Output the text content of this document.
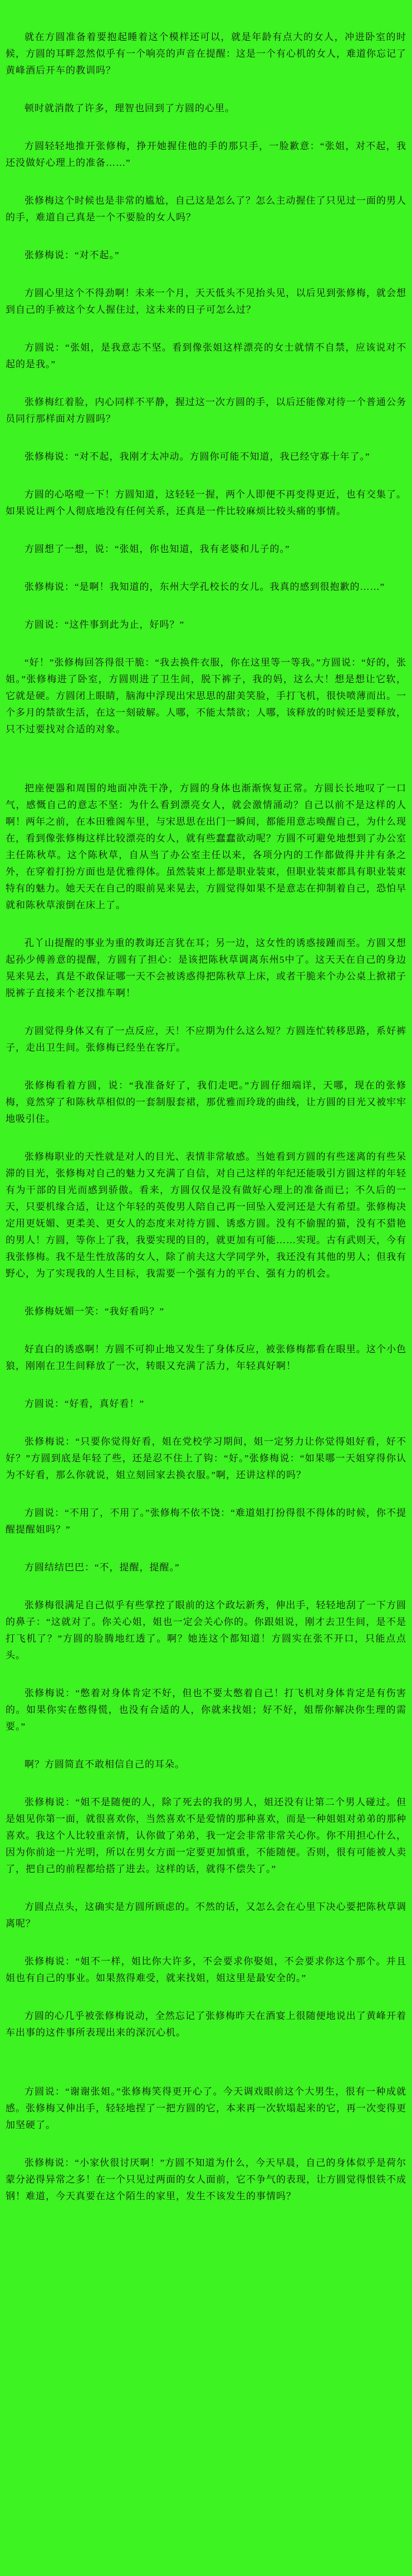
就在方圆准备着要抱起睡着这个模样还可以，就是年龄有点大的女人，冲进卧室的时候，方圆的耳畔忽然似乎有一个响亮的声音在提醒：这是一个有心机的女人，难道你忘记了黄峰酒后开车的教训吗？

顿时就消散了许多，理智也回到了方圆的心里。

方圆轻轻地推开张修梅，挣开她握住他的手的那只手，一脸歉意：“张姐，对不起，我还没做好心理上的准备……”

张修梅这个时候也是非常的尴尬，自己这是怎么了？怎么主动握住了只见过一面的男人的手，难道自己真是一个不要脸的女人吗？

张修梅说：“对不起。”

方圆心里这个不得劲啊！未来一个月，天天低头不见抬头见，以后见到张修梅，就会想到自己的手被这个女人握住过，这未来的日子可怎么过？

方圆说：“张姐，是我意志不坚。看到像张姐这样漂亮的女士就情不自禁，应该说对不起的是我。”

张修梅红着脸，内心同样不平静，握过这一次方圆的手，以后还能像对待一个普通公务员同行那样面对方圆吗？

张修梅说：“对不起，我刚才太冲动。方圆你可能不知道，我已经守寡十年了。”

方圆的心咯噔一下！方圆知道，这轻轻一握，两个人即便不再变得更近，也有交集了。如果说让两个人彻底地没有任何关系，还真是一件比较麻烦比较头痛的事情。

方圆想了一想，说：“张姐，你也知道，我有老婆和儿子的。”

张修梅说：“是啊！我知道的，东州大学孔校长的女儿。我真的感到很抱歉的……”

方圆说：“这件事到此为止，好吗？”

“好！”张修梅回答得很干脆：“我去换件衣服，你在这里等一等我。”方圆说：“好的，张姐。”张修梅进了卧室，方圆则进了卫生间，脱下裤子，我的妈，这么大！想是想让它软，它就是硬。方圆闭上眼睛，脑海中浮现出宋思思的甜美笑脸，手打飞机，很快喷薄而出。一个多月的禁欲生活，在这一刻破解。人哪，不能太禁欲；人哪，该释放的时候还是要释放，只不过要找对合适的对象。

把座便器和周围的地面冲洗干净，方圆的身体也渐渐恢复正常。方圆长长地叹了一口气，感慨自己的意志不坚：为什么看到漂亮女人，就会激情涌动？自己以前不是这样的人啊！两年之前，在本田雅阁车里，与宋思思在出门一瞬间，都能用意志唤醒自己，为什么现在，看到像张修梅这样比较漂亮的女人，就有些蠢蠢欲动呢？方圆不可避免地想到了办公室主任陈秋草。这个陈秋草，自从当了办公室主任以来，各项分内的工作都做得井井有条之外，在穿着打扮方面也是优雅得体。虽然装束上都是职业装束，但职业装束都具有职业装束特有的魅力。她天天在自己的眼前晃来晃去，方圆觉得如果不是意志在抑制着自己，恐怕早就和陈秋草滚倒在床上了。

孔丫山提醒的事业为重的教诲还言犹在耳；另一边，这女性的诱惑接踵而至。方圆又想起孙少傅善意的提醒，方圆有了担心：是该把陈秋草调离东州5中了。这天天在自己的身边晃来晃去，真是不敢保证哪一天不会被诱惑得把陈秋草上床，或者干脆来个办公桌上掀裙子脱裤子直接来个老汉推车啊！

方圆觉得身体又有了一点反应，天！不应期为什么这么短？方圆连忙转移思路，系好裤子，走出卫生间。张修梅已经坐在客厅。

张修梅看着方圆，说：“我准备好了，我们走吧。”方圆仔细端详，天哪，现在的张修梅，竟然穿了和陈秋草相似的一套制服套裙，那优雅而玲珑的曲线，让方圆的目光又被牢牢地吸引住。

张修梅职业的天性就是对人的目光、表情非常敏感。当她看到方圆的有些迷离的有些呆滞的目光，张修梅对自己的魅力又充满了自信，对自己这样的年纪还能吸引方圆这样的年轻有为干部的目光而感到骄傲。看来，方圆仅仅是没有做好心理上的准备而已；不久后的一天，只要机缘合适，让这个年轻的英俊男人陪自己再一回坠入爱河还是大有希望。张修梅决定用更妩媚、更柔美、更女人的态度来对待方圆、诱惑方圆。没有不偷腥的猫，没有不猎艳的男人！方圆，等你上了我，我要实现的目的，就更加有可能……实现。古有武则天，今有我张修梅。我不是生性放荡的女人，除了前夫这大学同学外，我还没有其他的男人；但我有野心，为了实现我的人生目标，我需要一个强有力的平台、强有力的机会。

张修梅妩媚一笑：“我好看吗？”

好直白的诱惑啊！方圆不可抑止地又发生了身体反应，被张修梅都看在眼里。这个小色狼，刚刚在卫生间释放了一次，转眼又充满了活力，年轻真好啊！

方圆说：“好看，真好看！”

张修梅说：“只要你觉得好看，姐在党校学习期间，姐一定努力让你觉得姐好看，好不好？”方圆到底是年轻了些，还是忍不住上了钩：“好。”张修梅说：“如果哪一天姐穿得你认为不好看，那么你就说，姐立刻回家去换衣服。”啊，还讲这样的吗？

方圆说：“不用了，不用了。”张修梅不依不饶：“难道姐打扮得很不得体的时候，你不提醒提醒姐吗？”

方圆结结巴巴：“不，提醒，提醒。”

张修梅很满足自己似乎有些掌控了眼前的这个政坛新秀，伸出手，轻轻地刮了一下方圆的鼻子：“这就对了。你关心姐，姐也一定会关心你的。你跟姐说，刚才去卫生间，是不是打飞机了？”方圆的脸腾地红透了。啊？她连这个都知道！方圆实在张不开口，只能点点头。

张修梅说：“憋着对身体肯定不好，但也不要太憋着自己！打飞机对身体肯定是有伤害的。如果你实在憋得慌，也没有合适的人，你就来找姐；好不好，姐帮你解决你生理的需要。”

啊？方圆简直不敢相信自己的耳朵。

张修梅说：“姐不是随便的人，除了死去的我的男人，姐还没有让第二个男人碰过。但是姐见你第一面，就很喜欢你，当然喜欢不是爱情的那种喜欢，而是一种姐姐对弟弟的那种喜欢。我这个人比较重亲情，认你做了弟弟，我一定会非常非常关心你。你不用担心什么，因为你前途一片光明，所以在男女方面一定要更加慎重，不能随便。否则，很有可能被人卖了，把自己的前程都给搭了进去。这样的话，就得不偿失了。”

方圆点点头，这确实是方圆所顾虑的。不然的话，又怎么会在心里下决心要把陈秋草调离呢？

张修梅说：“姐不一样，姐比你大许多，不会要求你娶姐，不会要求你这个那个。并且姐也有自己的事业。如果熬得难受，就来找姐，姐这里是最安全的。”

方圆的心几乎被张修梅说动，全然忘记了张修梅昨天在酒宴上很随便地说出了黄峰开着车出事的这件事所表现出来的深沉心机。

方圆说：“谢谢张姐。”张修梅笑得更开心了。今天调戏眼前这个大男生，很有一种成就感。张修梅又伸出手，轻轻地捏了一把方圆的它，本来再一次软塌起来的它，再一次变得更加坚硬了。

张修梅说：“小家伙很讨厌啊！”方圆不知道为什么，今天早晨，自己的身体似乎是荷尔蒙分泌得异常之多！在一个只见过两面的女人面前，它不争气的表现，让方圆觉得恨铁不成钢！难道，今天真要在这个陌生的家里，发生不该发生的事情吗？
